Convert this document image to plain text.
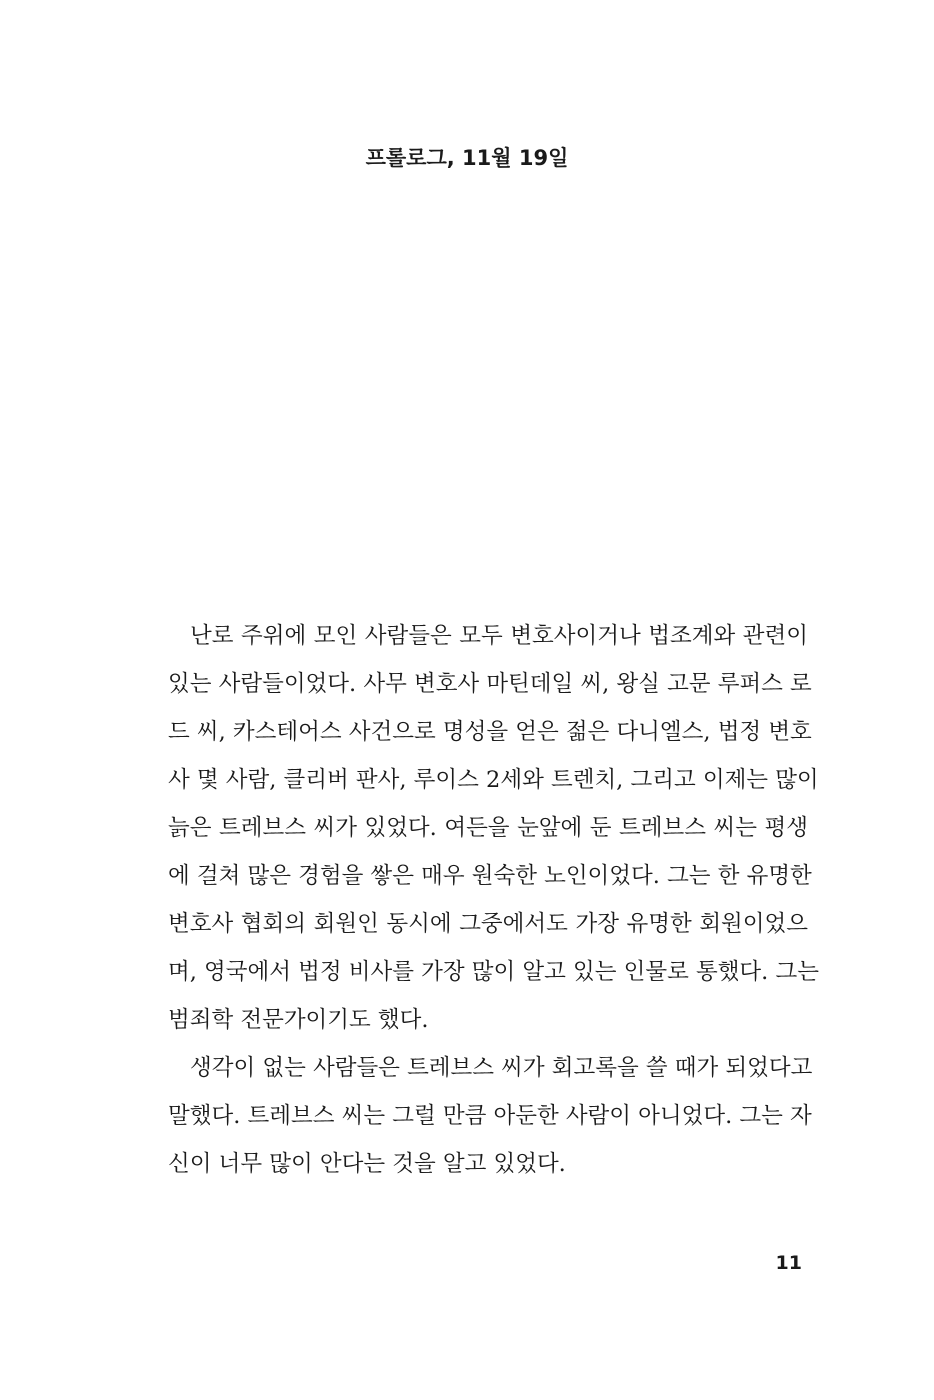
프롤로그, 11월 19일
난로 주위에 모인 사람들은 모두 변호사이거나 법조계와 관련이
있는 사람들이었다. 사무 변호사 마틴데일 씨, 왕실 고문 루퍼스 로
드 씨, 카스테어스 사건으로 명성을 얻은 젊은 다니엘스, 법정 변호
사 몇 사람, 클리버 판사, 루이스 2세와 트렌치, 그리고 이제는 많이
늙은 트레브스 씨가 있었다. 여든을 눈앞에 둔 트레브스 씨는 평생
에 걸쳐 많은 경험을 쌓은 매우 원숙한 노인이었다. 그는 한 유명한
변호사 협회의 회원인 동시에 그중에서도 가장 유명한 회원이었으
며, 영국에서 법정 비사를 가장 많이 알고 있는 인물로 통했다. 그는
범죄학 전문가이기도 했다.
생각이 없는 사람들은 트레브스 씨가 회고록을 쓸 때가 되었다고
말했다. 트레브스 씨는 그럴 만큼 아둔한 사람이 아니었다. 그는 자
신이 너무 많이 안다는 것을 알고 있었다.
11
